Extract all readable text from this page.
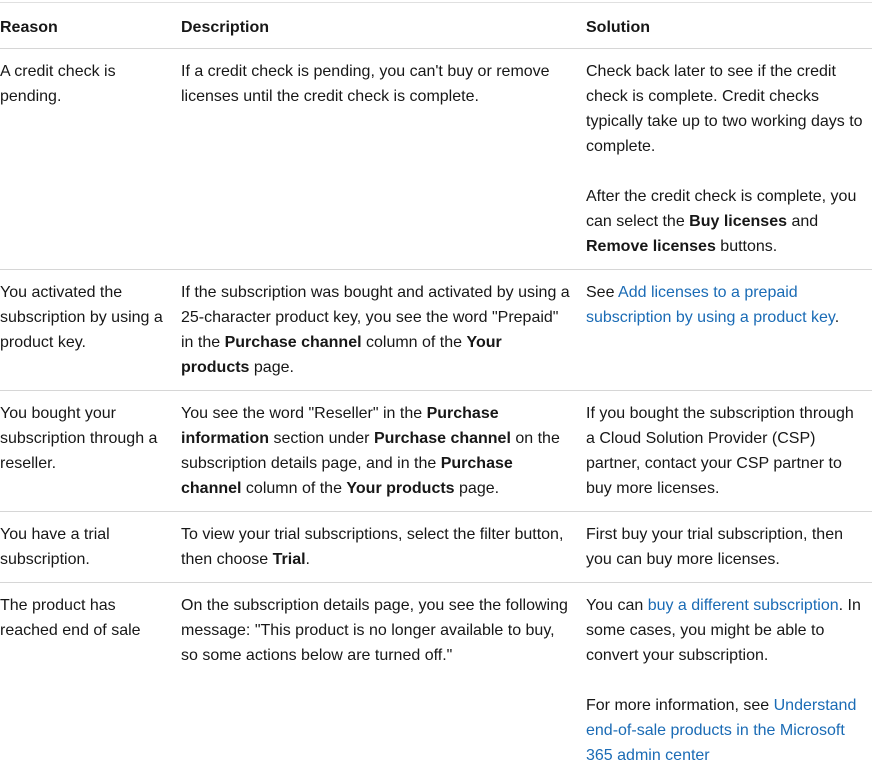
Reason	Description	Solution
A credit check is pending.	If a credit check is pending, you can't buy or remove licenses until the credit check is complete.	Check back later to see if the credit check is complete. Credit checks typically take up to two working days to complete.

After the credit check is complete, you can select the Buy licenses and Remove licenses buttons.

You activated the subscription by using a product key.	If the subscription was bought and activated by using a 25-character product key, you see the word "Prepaid" in the Purchase channel column of the Your products page.	See Add licenses to a prepaid subscription by using a product key.
You bought your subscription through a reseller.	You see the word "Reseller" in the Purchase information section under Purchase channel on the subscription details page, and in the Purchase channel column of the Your products page.	If you bought the subscription through a Cloud Solution Provider (CSP) partner, contact your CSP partner to buy more licenses.
You have a trial subscription.	To view your trial subscriptions, select the filter button, then choose Trial.	First buy your trial subscription, then you can buy more licenses.
The product has reached end of sale	On the subscription details page, you see the following message: "This product is no longer available to buy, so some actions below are turned off."	You can buy a different subscription. In some cases, you might be able to convert your subscription.

For more information, see Understand end-of-sale products in the Microsoft 365 admin center
